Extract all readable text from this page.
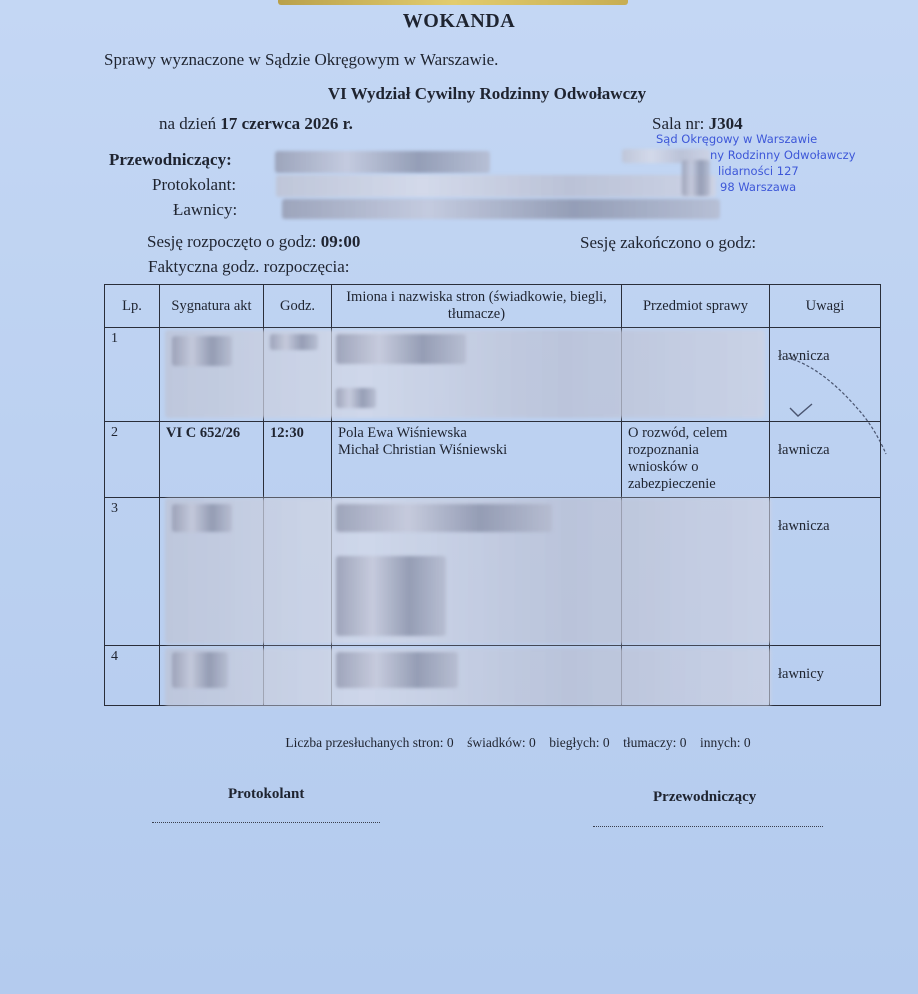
WOKANDA
Sprawy wyznaczone w Sądzie Okręgowym w Warszawie.
VI Wydział Cywilny Rodzinny Odwoławczy
na dzień 17 czerwca 2026 r.	Sala nr: J304
Sąd Okręgowy w Warszawie
ny Rodzinny Odwoławczy
lidarności 127
98 Warszawa
Przewodniczący:
Protokolant:
Ławnicy:
Sesję rozpoczęto o godz: 09:00	Sesję zakończono o godz:
Faktyczna godz. rozpoczęcia:
Lp.	Sygnatura akt	Godz.	Imiona i nazwiska stron (świadkowie, biegli, tłumacze)	Przedmiot sprawy	Uwagi
1					ławnicza
2	VI C 652/26	12:30	Pola Ewa Wiśniewska
Michał Christian Wiśniewski	O rozwód, celem rozpoznania wniosków o zabezpieczenie	ławnicza
3					ławnicza
4					ławnicy
Liczba przesłuchanych stron: 0    świadków: 0    biegłych: 0    tłumaczy: 0    innych: 0
Protokolant	Przewodniczący
